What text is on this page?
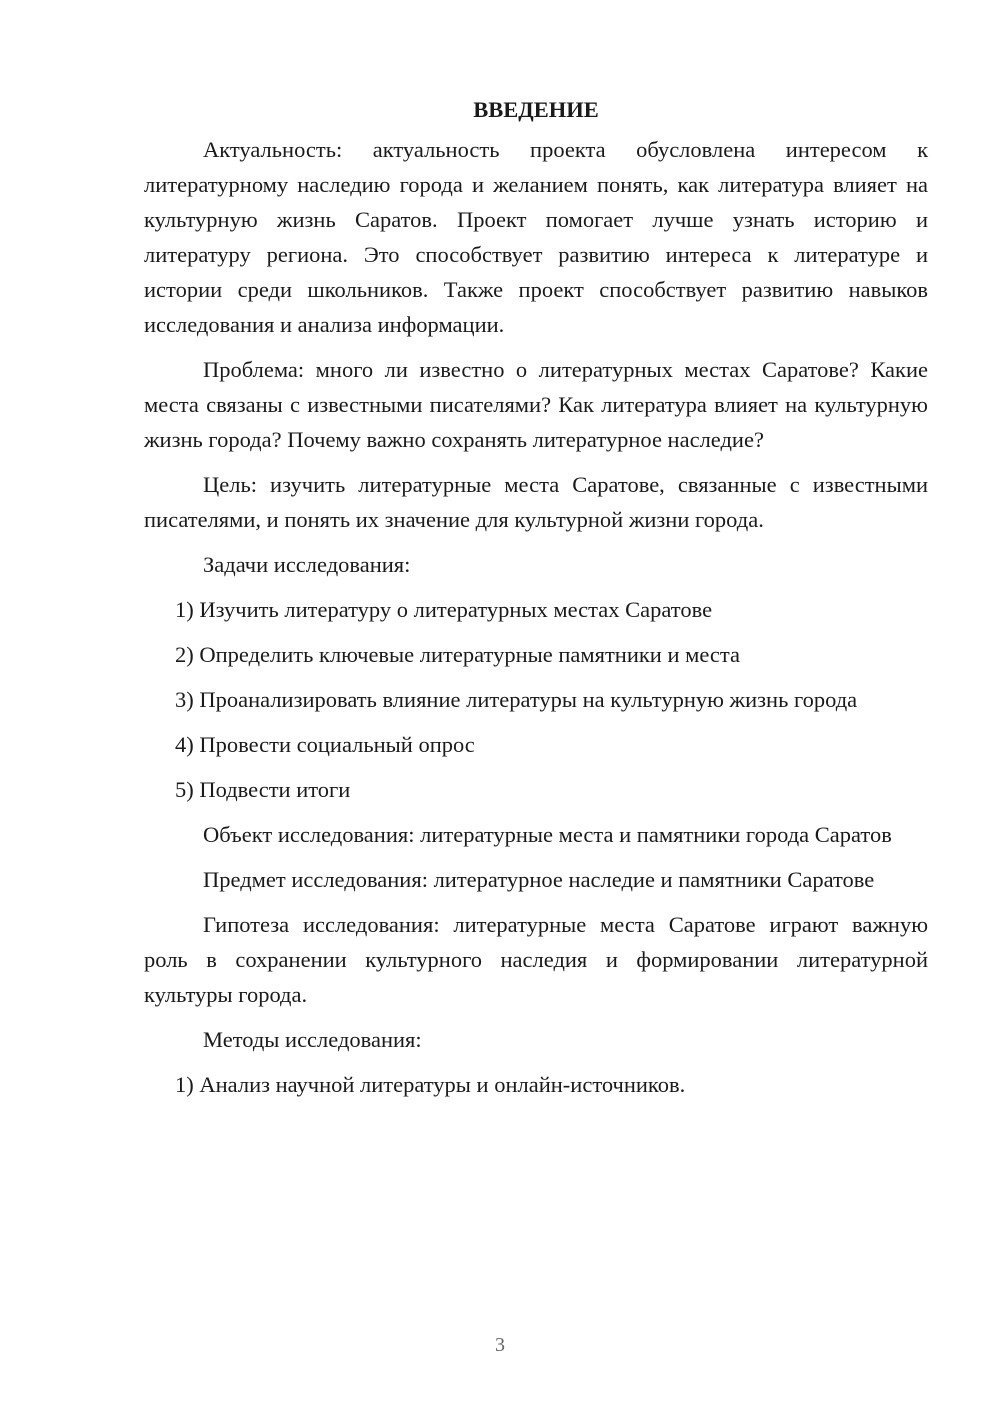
ВВЕДЕНИЕ

Актуальность: актуальность проекта обусловлена интересом к литературному наследию города и желанием понять, как литература влияет на культурную жизнь Саратов. Проект помогает лучше узнать историю и литературу региона. Это способствует развитию интереса к литературе и истории среди школьников. Также проект способствует развитию навыков исследования и анализа информации.

Проблема: много ли известно о литературных местах Саратове? Какие места связаны с известными писателями? Как литература влияет на культурную жизнь города? Почему важно сохранять литературное наследие?

Цель: изучить литературные места Саратове, связанные с известными писателями, и понять их значение для культурной жизни города.

Задачи исследования:

1) Изучить литературу о литературных местах Саратове

2) Определить ключевые литературные памятники и места

3) Проанализировать влияние литературы на культурную жизнь города

4) Провести социальный опрос

5) Подвести итоги

Объект исследования: литературные места и памятники города Саратов

Предмет исследования: литературное наследие и памятники Саратове

Гипотеза исследования: литературные места Саратове играют важную роль в сохранении культурного наследия и формировании литературной культуры города.

Методы исследования:

1) Анализ научной литературы и онлайн-источников.

3
